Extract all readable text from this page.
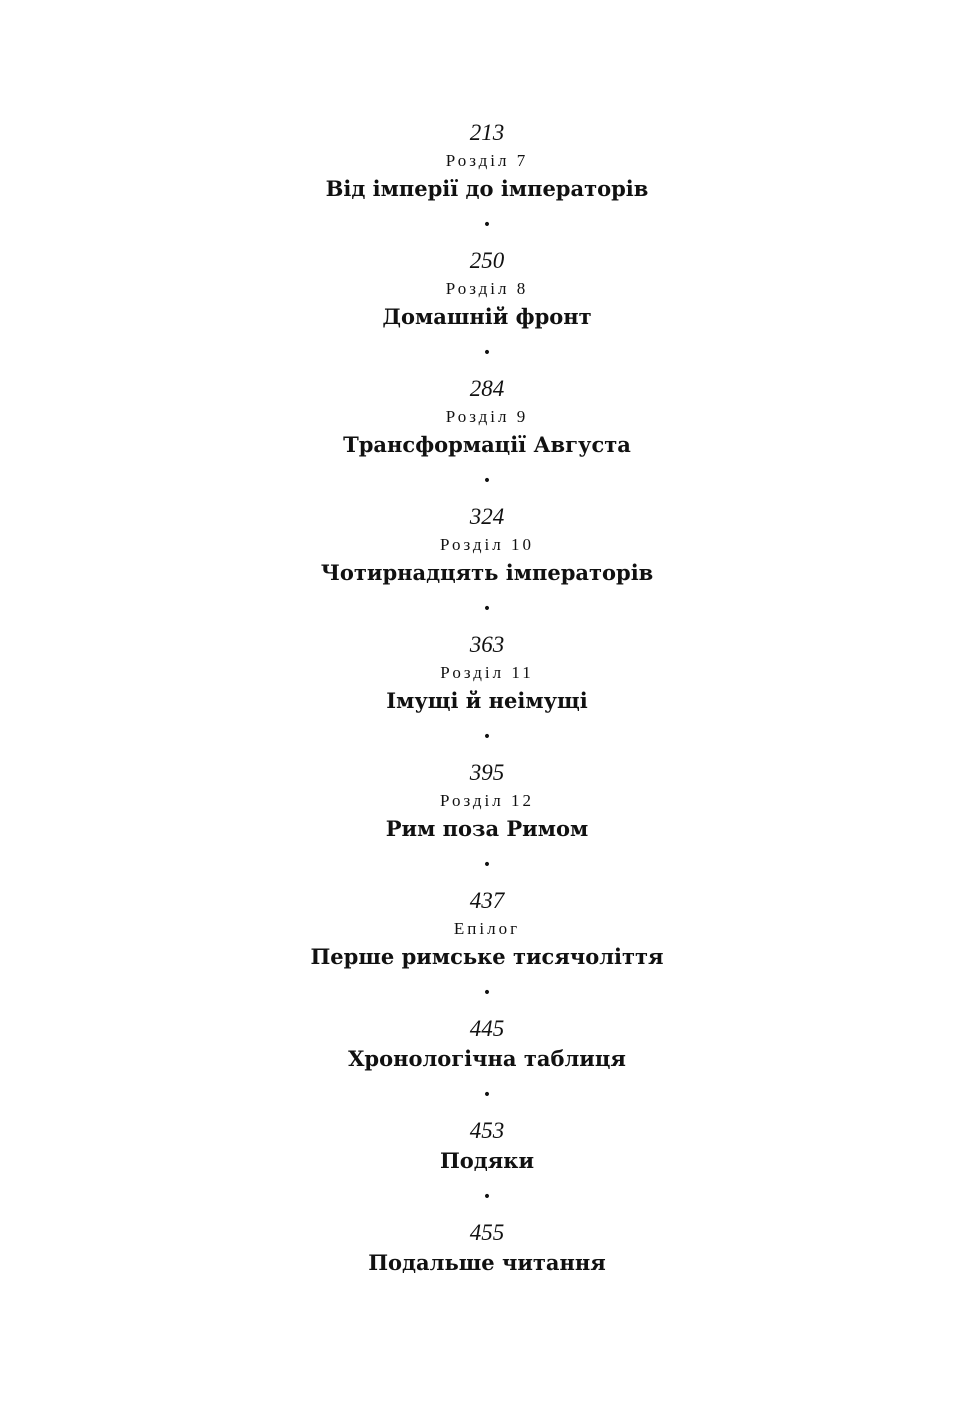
213
Розділ 7
Від імперії до імператорів
•
250
Розділ 8
Домашній фронт
•
284
Розділ 9
Трансформації Августа
•
324
Розділ 10
Чотирнадцять імператорів
•
363
Розділ 11
Імущі й неімущі
•
395
Розділ 12
Рим поза Римом
•
437
Епілог
Перше римське тисячоліття
•
445
Хронологічна таблиця
•
453
Подяки
•
455
Подальше читання
